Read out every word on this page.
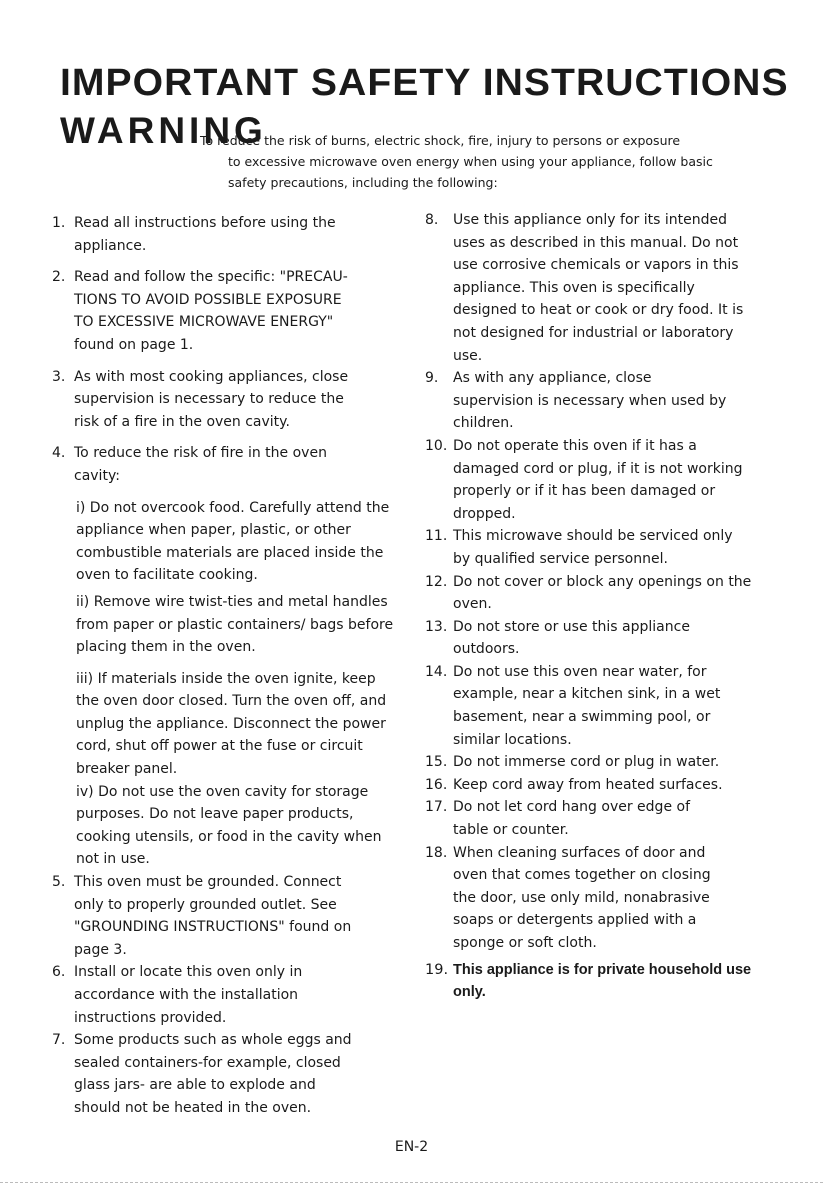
IMPORTANT SAFETY INSTRUCTIONS
WARNING
To reduce the risk of burns, electric shock, fire, injury to persons or exposure
to excessive microwave oven energy when using your appliance, follow basic
safety precautions, including the following:
1. Read all instructions before using the appliance.
2. Read and follow the specific: "PRECAU- TIONS TO AVOID POSSIBLE EXPOSURE TO EXCESSIVE MICROWAVE ENERGY" found on page 1.
3. As with most cooking appliances, close supervision is necessary to reduce the risk of a fire in the oven cavity.
4. To reduce the risk of fire in the oven cavity:
i) Do not overcook food. Carefully attend the appliance when paper, plastic, or other combustible materials are placed inside the oven to facilitate cooking.
ii) Remove wire twist-ties and metal handles from paper or plastic containers/ bags before placing them in the oven.
iii) If materials inside the oven ignite, keep the oven door closed. Turn the oven off, and unplug the appliance. Disconnect the power cord, shut off power at the fuse or circuit breaker panel.
iv) Do not use the oven cavity for storage purposes. Do not leave paper products, cooking utensils, or food in the cavity when not in use.
5. This oven must be grounded. Connect only to properly grounded outlet. See "GROUNDING INSTRUCTIONS" found on page 3.
6. Install or locate this oven only in accordance with the installation instructions provided.
7. Some products such as whole eggs and sealed containers-for example, closed glass jars- are able to explode and should not be heated in the oven.
8.	Use this appliance only for its intended uses as described in this manual. Do not use corrosive chemicals or vapors in this appliance. This oven is specifically designed to heat or cook or dry food. It is not designed for industrial or laboratory use.
9.	As with any appliance, close supervision is necessary when used by children.
10. Do not operate this oven if it has a damaged cord or plug, if it is not working properly or if it has been damaged or dropped.
11. This microwave should be serviced only by qualified service personnel.
12. Do not cover or block any openings on the oven.
13. Do not store or use this appliance outdoors.
14. Do not use this oven near water, for example, near a kitchen sink, in a wet basement, near a swimming pool, or similar locations.
15. Do not immerse cord or plug in water.
16. Keep cord away from heated surfaces.
17. Do not let cord hang over edge of table or counter.
18. When cleaning surfaces of door and oven that comes together on closing the door, use only mild, nonabrasive soaps or detergents applied with a sponge or soft cloth.
19. This appliance is for private household use only.
EN-2
